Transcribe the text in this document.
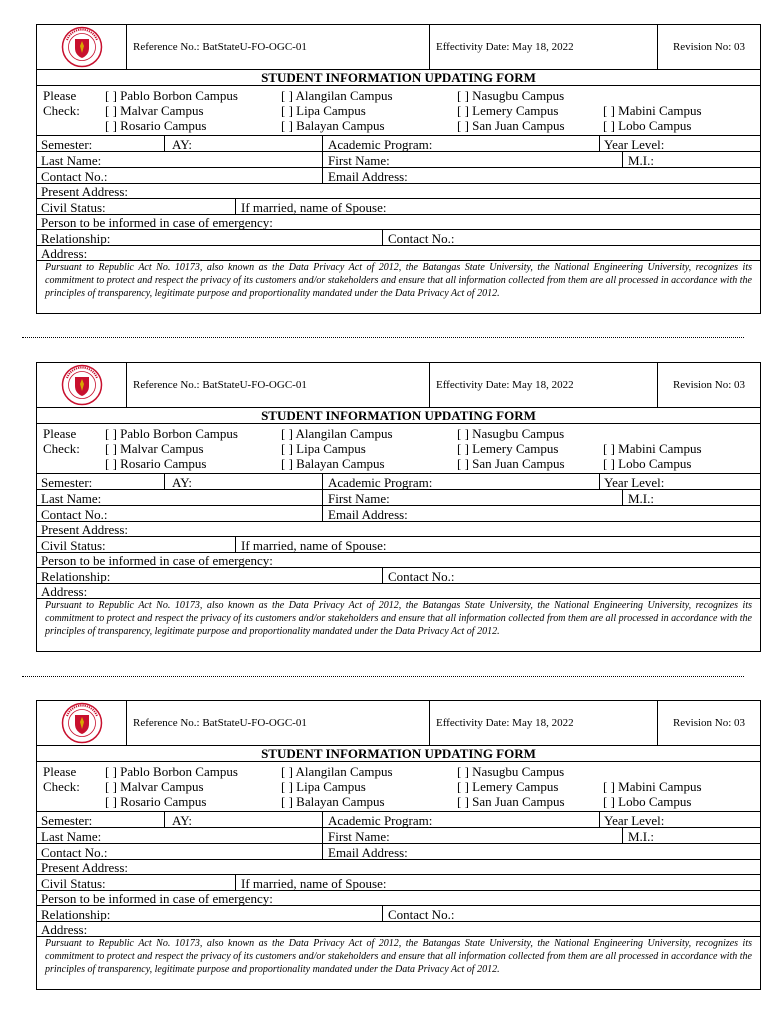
Reference No.: BatStateU-FO-OGC-01	Effectivity Date: May 18, 2022	Revision No: 03
STUDENT INFORMATION UPDATING FORM
Please
Check:
[ ] Pablo Borbon Campus	[ ] Alangilan Campus	[ ] Nasugbu Campus
[ ] Malvar Campus	[ ] Lipa Campus	[ ] Lemery Campus	[ ] Mabini Campus
[ ] Rosario Campus	[ ] Balayan Campus	[ ] San Juan Campus	[ ] Lobo Campus
Semester:	AY:	Academic Program:	Year Level:
Last Name:	First Name:	M.I.:
Contact No.:	Email Address:
Present Address:
Civil Status:	If married, name of Spouse:
Person to be informed in case of emergency:
Relationship:	Contact No.:
Address:
Pursuant to Republic Act No. 10173, also known as the Data Privacy Act of 2012, the Batangas State University, the National Engineering University, recognizes its commitment to protect and respect the privacy of its customers and/or stakeholders and ensure that all information collected from them are all processed in accordance with the principles of transparency, legitimate purpose and proportionality mandated under the Data Privacy Act of 2012.
Reference No.: BatStateU-FO-OGC-01	Effectivity Date: May 18, 2022	Revision No: 03
STUDENT INFORMATION UPDATING FORM
Please
Check:
[ ] Pablo Borbon Campus	[ ] Alangilan Campus	[ ] Nasugbu Campus
[ ] Malvar Campus	[ ] Lipa Campus	[ ] Lemery Campus	[ ] Mabini Campus
[ ] Rosario Campus	[ ] Balayan Campus	[ ] San Juan Campus	[ ] Lobo Campus
Semester:	AY:	Academic Program:	Year Level:
Last Name:	First Name:	M.I.:
Contact No.:	Email Address:
Present Address:
Civil Status:	If married, name of Spouse:
Person to be informed in case of emergency:
Relationship:	Contact No.:
Address:
Pursuant to Republic Act No. 10173, also known as the Data Privacy Act of 2012, the Batangas State University, the National Engineering University, recognizes its commitment to protect and respect the privacy of its customers and/or stakeholders and ensure that all information collected from them are all processed in accordance with the principles of transparency, legitimate purpose and proportionality mandated under the Data Privacy Act of 2012.
Reference No.: BatStateU-FO-OGC-01	Effectivity Date: May 18, 2022	Revision No: 03
STUDENT INFORMATION UPDATING FORM
Please
Check:
[ ] Pablo Borbon Campus	[ ] Alangilan Campus	[ ] Nasugbu Campus
[ ] Malvar Campus	[ ] Lipa Campus	[ ] Lemery Campus	[ ] Mabini Campus
[ ] Rosario Campus	[ ] Balayan Campus	[ ] San Juan Campus	[ ] Lobo Campus
Semester:	AY:	Academic Program:	Year Level:
Last Name:	First Name:	M.I.:
Contact No.:	Email Address:
Present Address:
Civil Status:	If married, name of Spouse:
Person to be informed in case of emergency:
Relationship:	Contact No.:
Address:
Pursuant to Republic Act No. 10173, also known as the Data Privacy Act of 2012, the Batangas State University, the National Engineering University, recognizes its commitment to protect and respect the privacy of its customers and/or stakeholders and ensure that all information collected from them are all processed in accordance with the principles of transparency, legitimate purpose and proportionality mandated under the Data Privacy Act of 2012.
